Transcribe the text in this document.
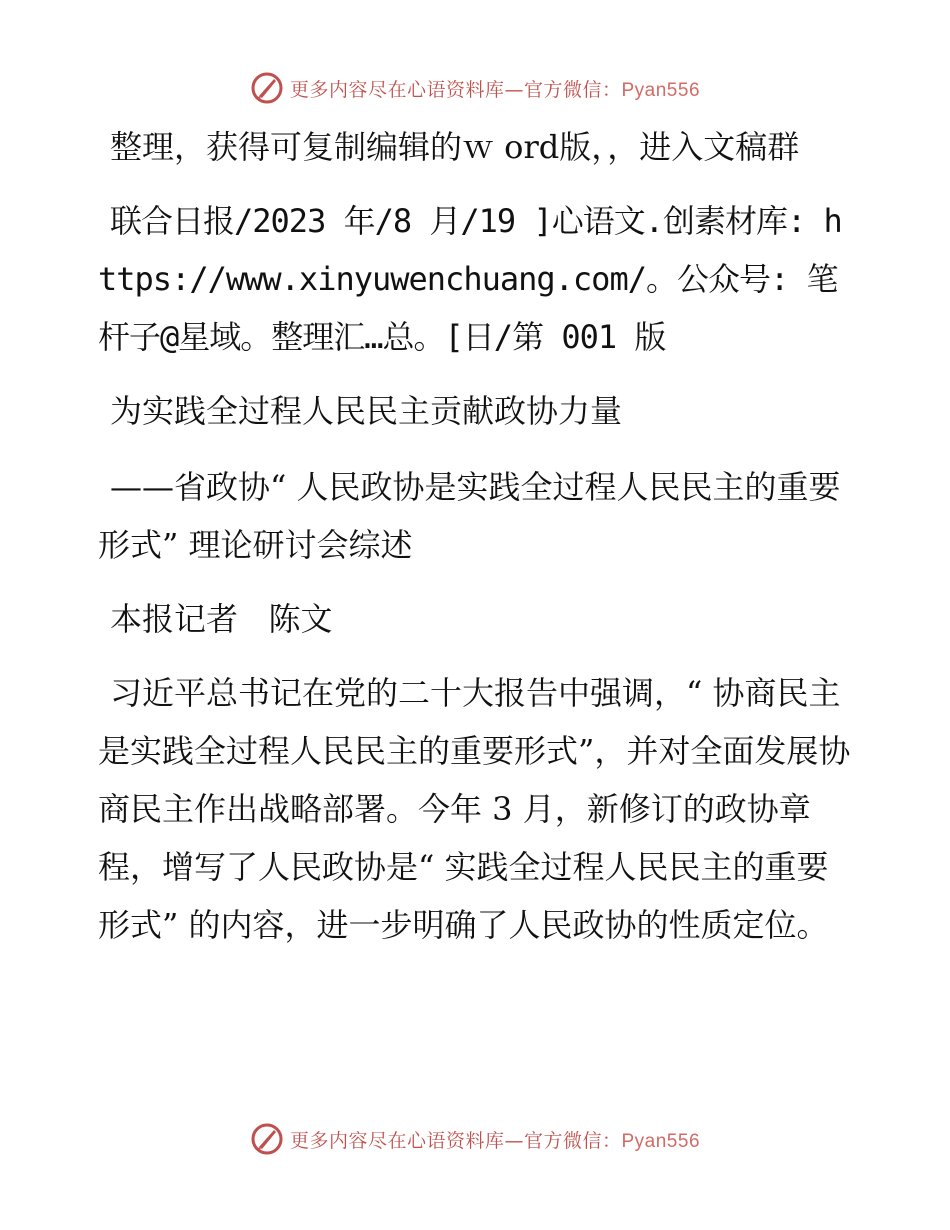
更多内容尽在心语资料库—官方微信：Pyan556

整理，获得可复制编辑的ｗ ord版，，进入文稿群

联合日报/2023 年/8 月/19 ]心语文.创素材库: https://www.xinyuwenchuang.com/。公众号: 笔杆子@星域。整理汇…总。[日/第 001 版

为实践全过程人民民主贡献政协力量

——省政协“ 人民政协是实践全过程人民民主的重要形式” 理论研讨会综述

本报记者   陈文

习近平总书记在党的二十大报告中强调，“ 协商民主是实践全过程人民民主的重要形式”，并对全面发展协商民主作出战略部署。今年 3 月，新修订的政协章程，增写了人民政协是“ 实践全过程人民民主的重要形式” 的内容，进一步明确了人民政协的性质定位。

更多内容尽在心语资料库—官方微信：Pyan556
